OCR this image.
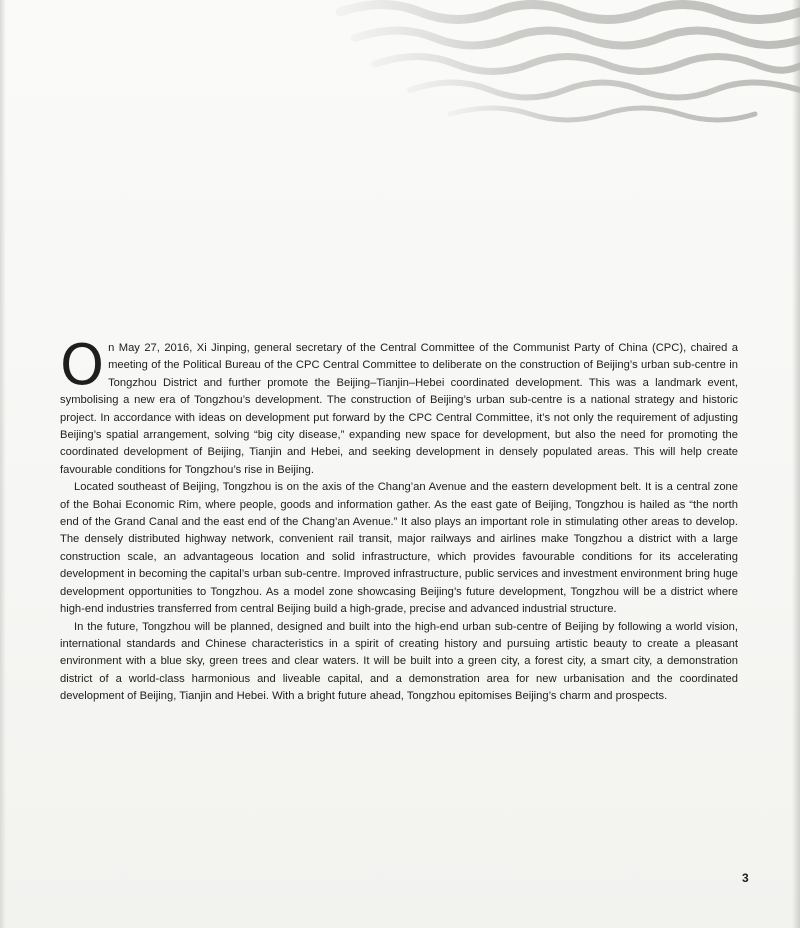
On May 27, 2016, Xi Jinping, general secretary of the Central Committee of the Communist Party of China (CPC), chaired a meeting of the Political Bureau of the CPC Central Committee to deliberate on the construction of Beijing’s urban sub-centre in Tongzhou District and further promote the Beijing–Tianjin–Hebei coordinated development. This was a landmark event, symbolising a new era of Tongzhou’s development. The construction of Beijing’s urban sub-centre is a national strategy and historic project. In accordance with ideas on development put forward by the CPC Central Committee, it’s not only the requirement of adjusting Beijing’s spatial arrangement, solving “big city disease,” expanding new space for development, but also the need for promoting the coordinated development of Beijing, Tianjin and Hebei, and seeking development in densely populated areas. This will help create favourable conditions for Tongzhou’s rise in Beijing.

Located southeast of Beijing, Tongzhou is on the axis of the Chang’an Avenue and the eastern development belt. It is a central zone of the Bohai Economic Rim, where people, goods and information gather. As the east gate of Beijing, Tongzhou is hailed as “the north end of the Grand Canal and the east end of the Chang’an Avenue.” It also plays an important role in stimulating other areas to develop. The densely distributed highway network, convenient rail transit, major railways and airlines make Tongzhou a district with a large construction scale, an advantageous location and solid infrastructure, which provides favourable conditions for its accelerating development in becoming the capital’s urban sub-centre. Improved infrastructure, public services and investment environment bring huge development opportunities to Tongzhou. As a model zone showcasing Beijing’s future development, Tongzhou will be a district where high-end industries transferred from central Beijing build a high-grade, precise and advanced industrial structure.

In the future, Tongzhou will be planned, designed and built into the high-end urban sub-centre of Beijing by following a world vision, international standards and Chinese characteristics in a spirit of creating history and pursuing artistic beauty to create a pleasant environment with a blue sky, green trees and clear waters. It will be built into a green city, a forest city, a smart city, a demonstration district of a world-class harmonious and liveable capital, and a demonstration area for new urbanisation and the coordinated development of Beijing, Tianjin and Hebei. With a bright future ahead, Tongzhou epitomises Beijing’s charm and prospects.

3
